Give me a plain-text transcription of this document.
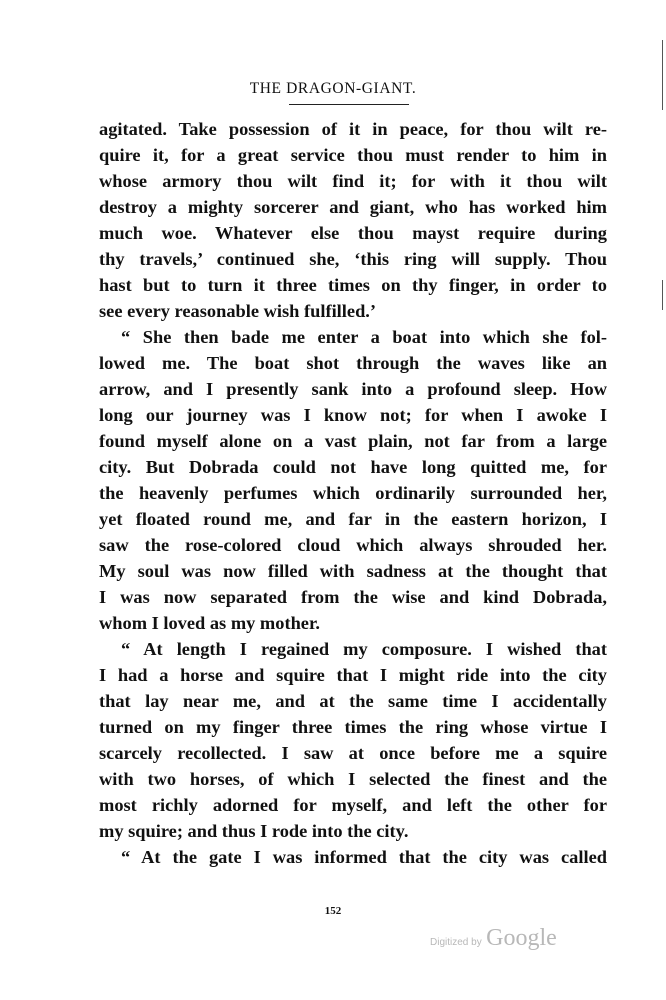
THE DRAGON-GIANT.
agitated. Take possession of it in peace, for thou wilt re-
quire it, for a great service thou must render to him in
whose armory thou wilt find it; for with it thou wilt
destroy a mighty sorcerer and giant, who has worked him
much woe. Whatever else thou mayst require during
thy travels,’ continued she, ‘this ring will supply. Thou
hast but to turn it three times on thy finger, in order to
see every reasonable wish fulfilled.’
“ She then bade me enter a boat into which she fol-
lowed me. The boat shot through the waves like an
arrow, and I presently sank into a profound sleep. How
long our journey was I know not; for when I awoke I
found myself alone on a vast plain, not far from a large
city. But Dobrada could not have long quitted me, for
the heavenly perfumes which ordinarily surrounded her,
yet floated round me, and far in the eastern horizon, I
saw the rose-colored cloud which always shrouded her.
My soul was now filled with sadness at the thought that
I was now separated from the wise and kind Dobrada,
whom I loved as my mother.
“ At length I regained my composure. I wished that
I had a horse and squire that I might ride into the city
that lay near me, and at the same time I accidentally
turned on my finger three times the ring whose virtue I
scarcely recollected. I saw at once before me a squire
with two horses, of which I selected the finest and the
most richly adorned for myself, and left the other for
my squire; and thus I rode into the city.
“ At the gate I was informed that the city was called
152
Digitized by Google
